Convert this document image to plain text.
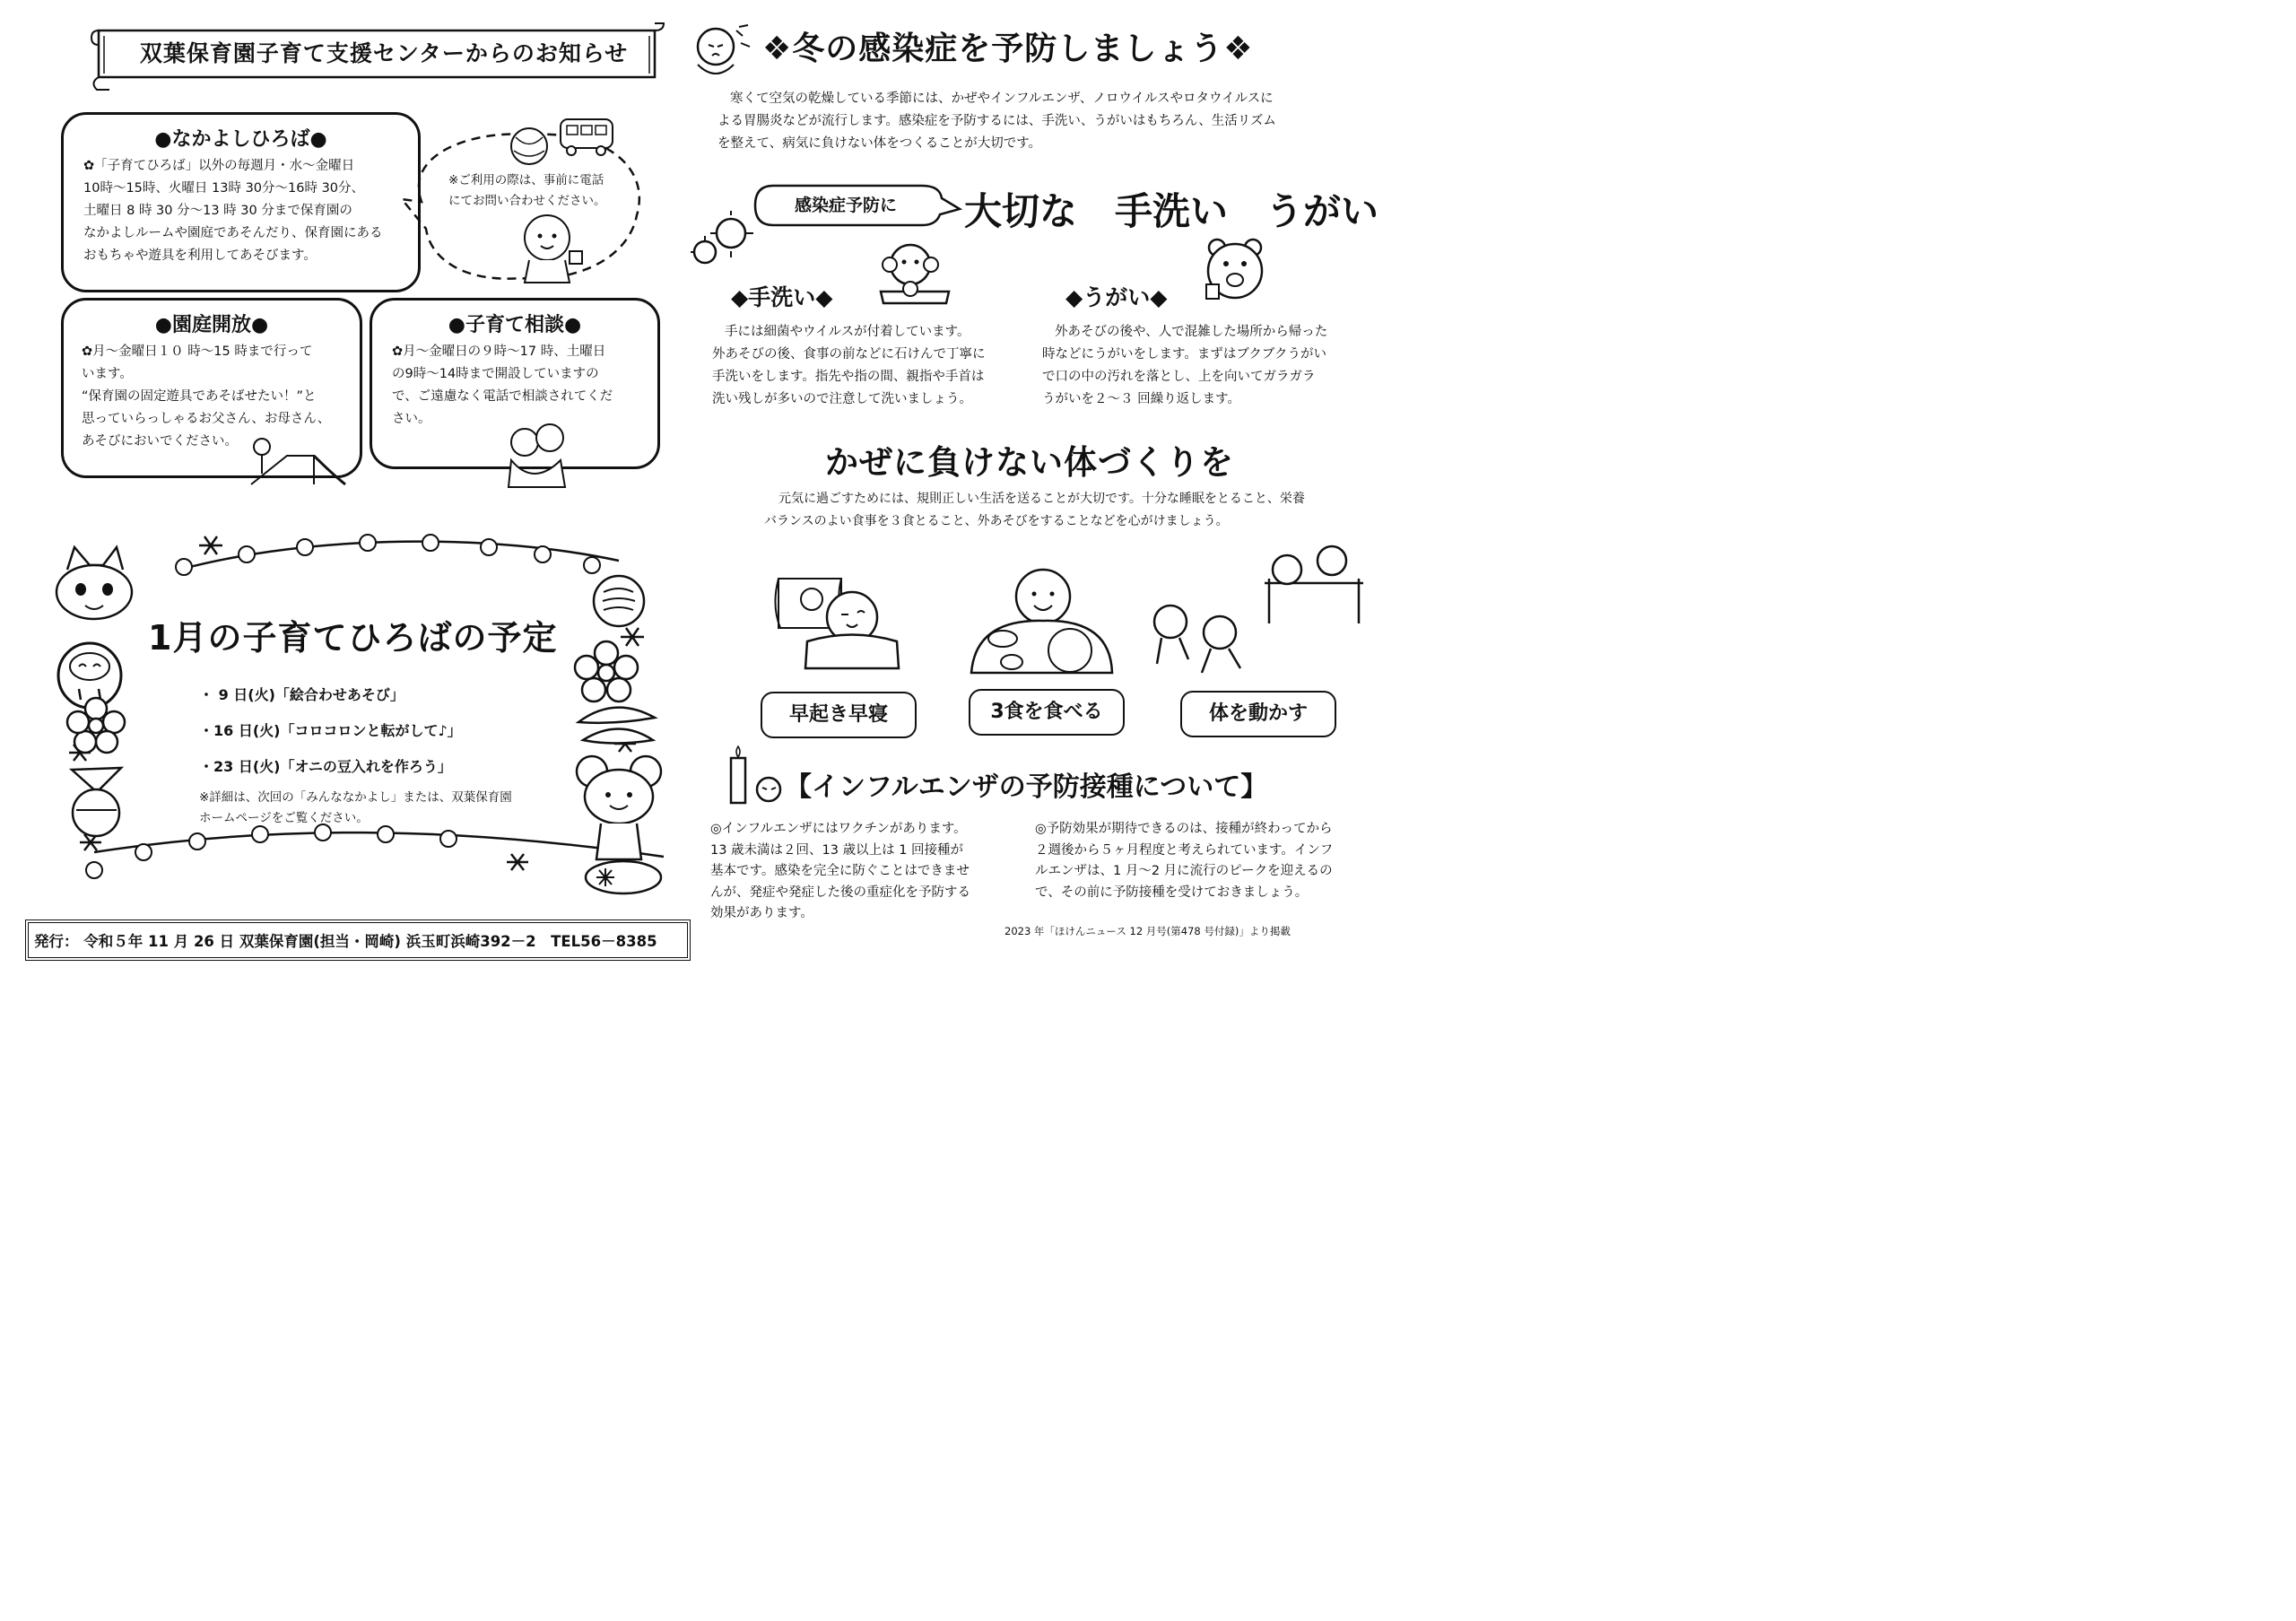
双葉保育園子育て支援センターからのお知らせ
●なかよしひろば●
✿「子育てひろば」以外の毎週月・水～金曜日
10時～15時、火曜日 13時 30分～16時 30分、
土曜日 8 時 30 分～13 時 30 分まで保育園の
なかよしルームや園庭であそんだり、保育園にある
おもちゃや遊具を利用してあそびます。
※ご利用の際は、事前に電話
にてお問い合わせください。
●園庭開放●
✿月～金曜日１０ 時～15 時まで行って
います。
“保育園の固定遊具であそばせたい！”と
思っていらっしゃるお父さん、お母さん、
あそびにおいでください。
●子育て相談●
✿月～金曜日の９時～17 時、土曜日
の9時～14時まで開設していますの
で、ご遠慮なく電話で相談されてくだ
さい。
1月の子育てひろばの予定
・ 9 日(火)「絵合わせあそび」
・16 日(火)「コロコロンと転がして♪」
・23 日(火)「オニの豆入れを作ろう」
※詳細は、次回の「みんななかよし」または、双葉保育園
ホームページをご覧ください。
発行： 令和５年 11 月 26 日 双葉保育園(担当・岡崎) 浜玉町浜崎392－2　TEL56－8385
❖冬の感染症を予防しましょう❖
寒くて空気の乾燥している季節には、かぜやインフルエンザ、ノロウイルスやロタウイルスに
よる胃腸炎などが流行します。感染症を予防するには、手洗い、うがいはもちろん、生活リズム
を整えて、病気に負けない体をつくることが大切です。
感染症予防に	大切な　手洗い　うがい
◆手洗い◆
手には細菌やウイルスが付着しています。
外あそびの後、食事の前などに石けんで丁寧に
手洗いをします。指先や指の間、親指や手首は
洗い残しが多いので注意して洗いましょう。
◆うがい◆
外あそびの後や、人で混雑した場所から帰った
時などにうがいをします。まずはブクブクうがい
で口の中の汚れを落とし、上を向いてガラガラ
うがいを２～３ 回繰り返します。
かぜに負けない体づくりを
元気に過ごすためには、規則正しい生活を送ることが大切です。十分な睡眠をとること、栄養
バランスのよい食事を３食とること、外あそびをすることなどを心がけましょう。
早起き早寝	3食を食べる	体を動かす
【インフルエンザの予防接種について】
◎インフルエンザにはワクチンがあります。
13 歳未満は２回、13 歳以上は 1 回接種が
基本です。感染を完全に防ぐことはできませ
んが、発症や発症した後の重症化を予防する
効果があります。
◎予防効果が期待できるのは、接種が終わってから
２週後から５ヶ月程度と考えられています。インフ
ルエンザは、1 月～2 月に流行のピークを迎えるの
で、その前に予防接種を受けておきましょう。
2023 年「ほけんニュース 12 月号(第478 号付録)」より掲載
